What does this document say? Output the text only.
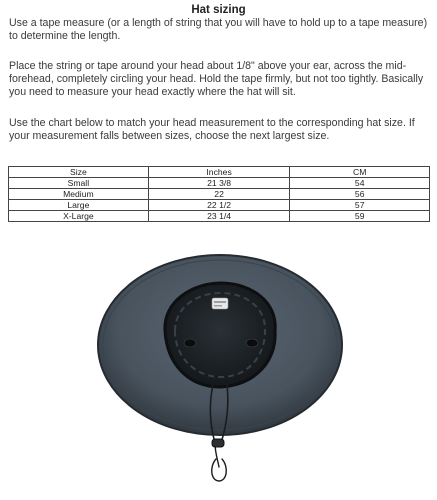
Hat sizing

Use a tape measure (or a length of string that you will have to hold up to a tape measure) to determine the length.

Place the string or tape around your head about 1/8" above your ear, across the mid-forehead, completely circling your head. Hold the tape firmly, but not too tightly. Basically you need to measure your head exactly where the hat will sit.

Use the chart below to match your head measurement to the corresponding hat size. If your measurement falls between sizes, choose the next largest size.

Size	Inches	CM
Small	21 3/8	54
Medium	22	56
Large	22 1/2	57
X-Large	23 1/4	59
